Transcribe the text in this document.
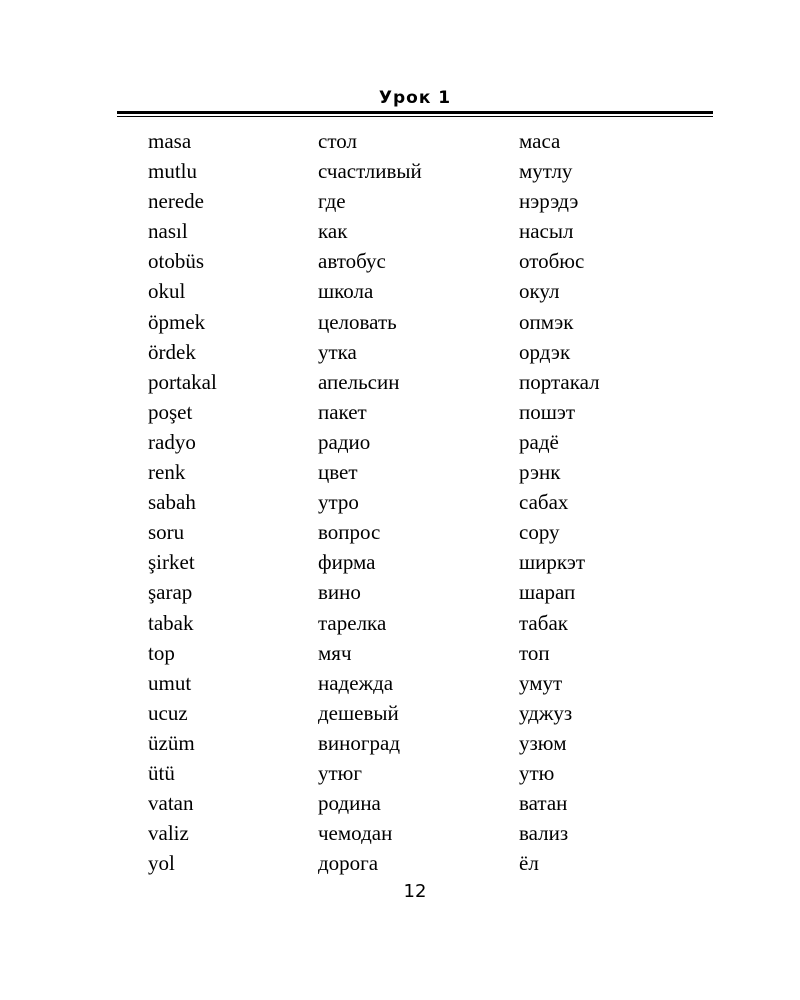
Урок 1
masa	стол	маса
mutlu	счастливый	мутлу
nerede	где	нэрэдэ
nasıl	как	насыл
otobüs	автобус	отобюс
okul	школа	окул
öpmek	целовать	опмэк
ördek	утка	ордэк
portakal	апельсин	портакал
poşet	пакет	пошэт
radyo	радио	радё
renk	цвет	рэнк
sabah	утро	сабах
soru	вопрос	сору
şirket	фирма	ширкэт
şarap	вино	шарап
tabak	тарелка	табак
top	мяч	топ
umut	надежда	умут
ucuz	дешевый	уджуз
üzüm	виноград	узюм
ütü	утюг	утю
vatan	родина	ватан
valiz	чемодан	вализ
yol	дорога	ёл
12
